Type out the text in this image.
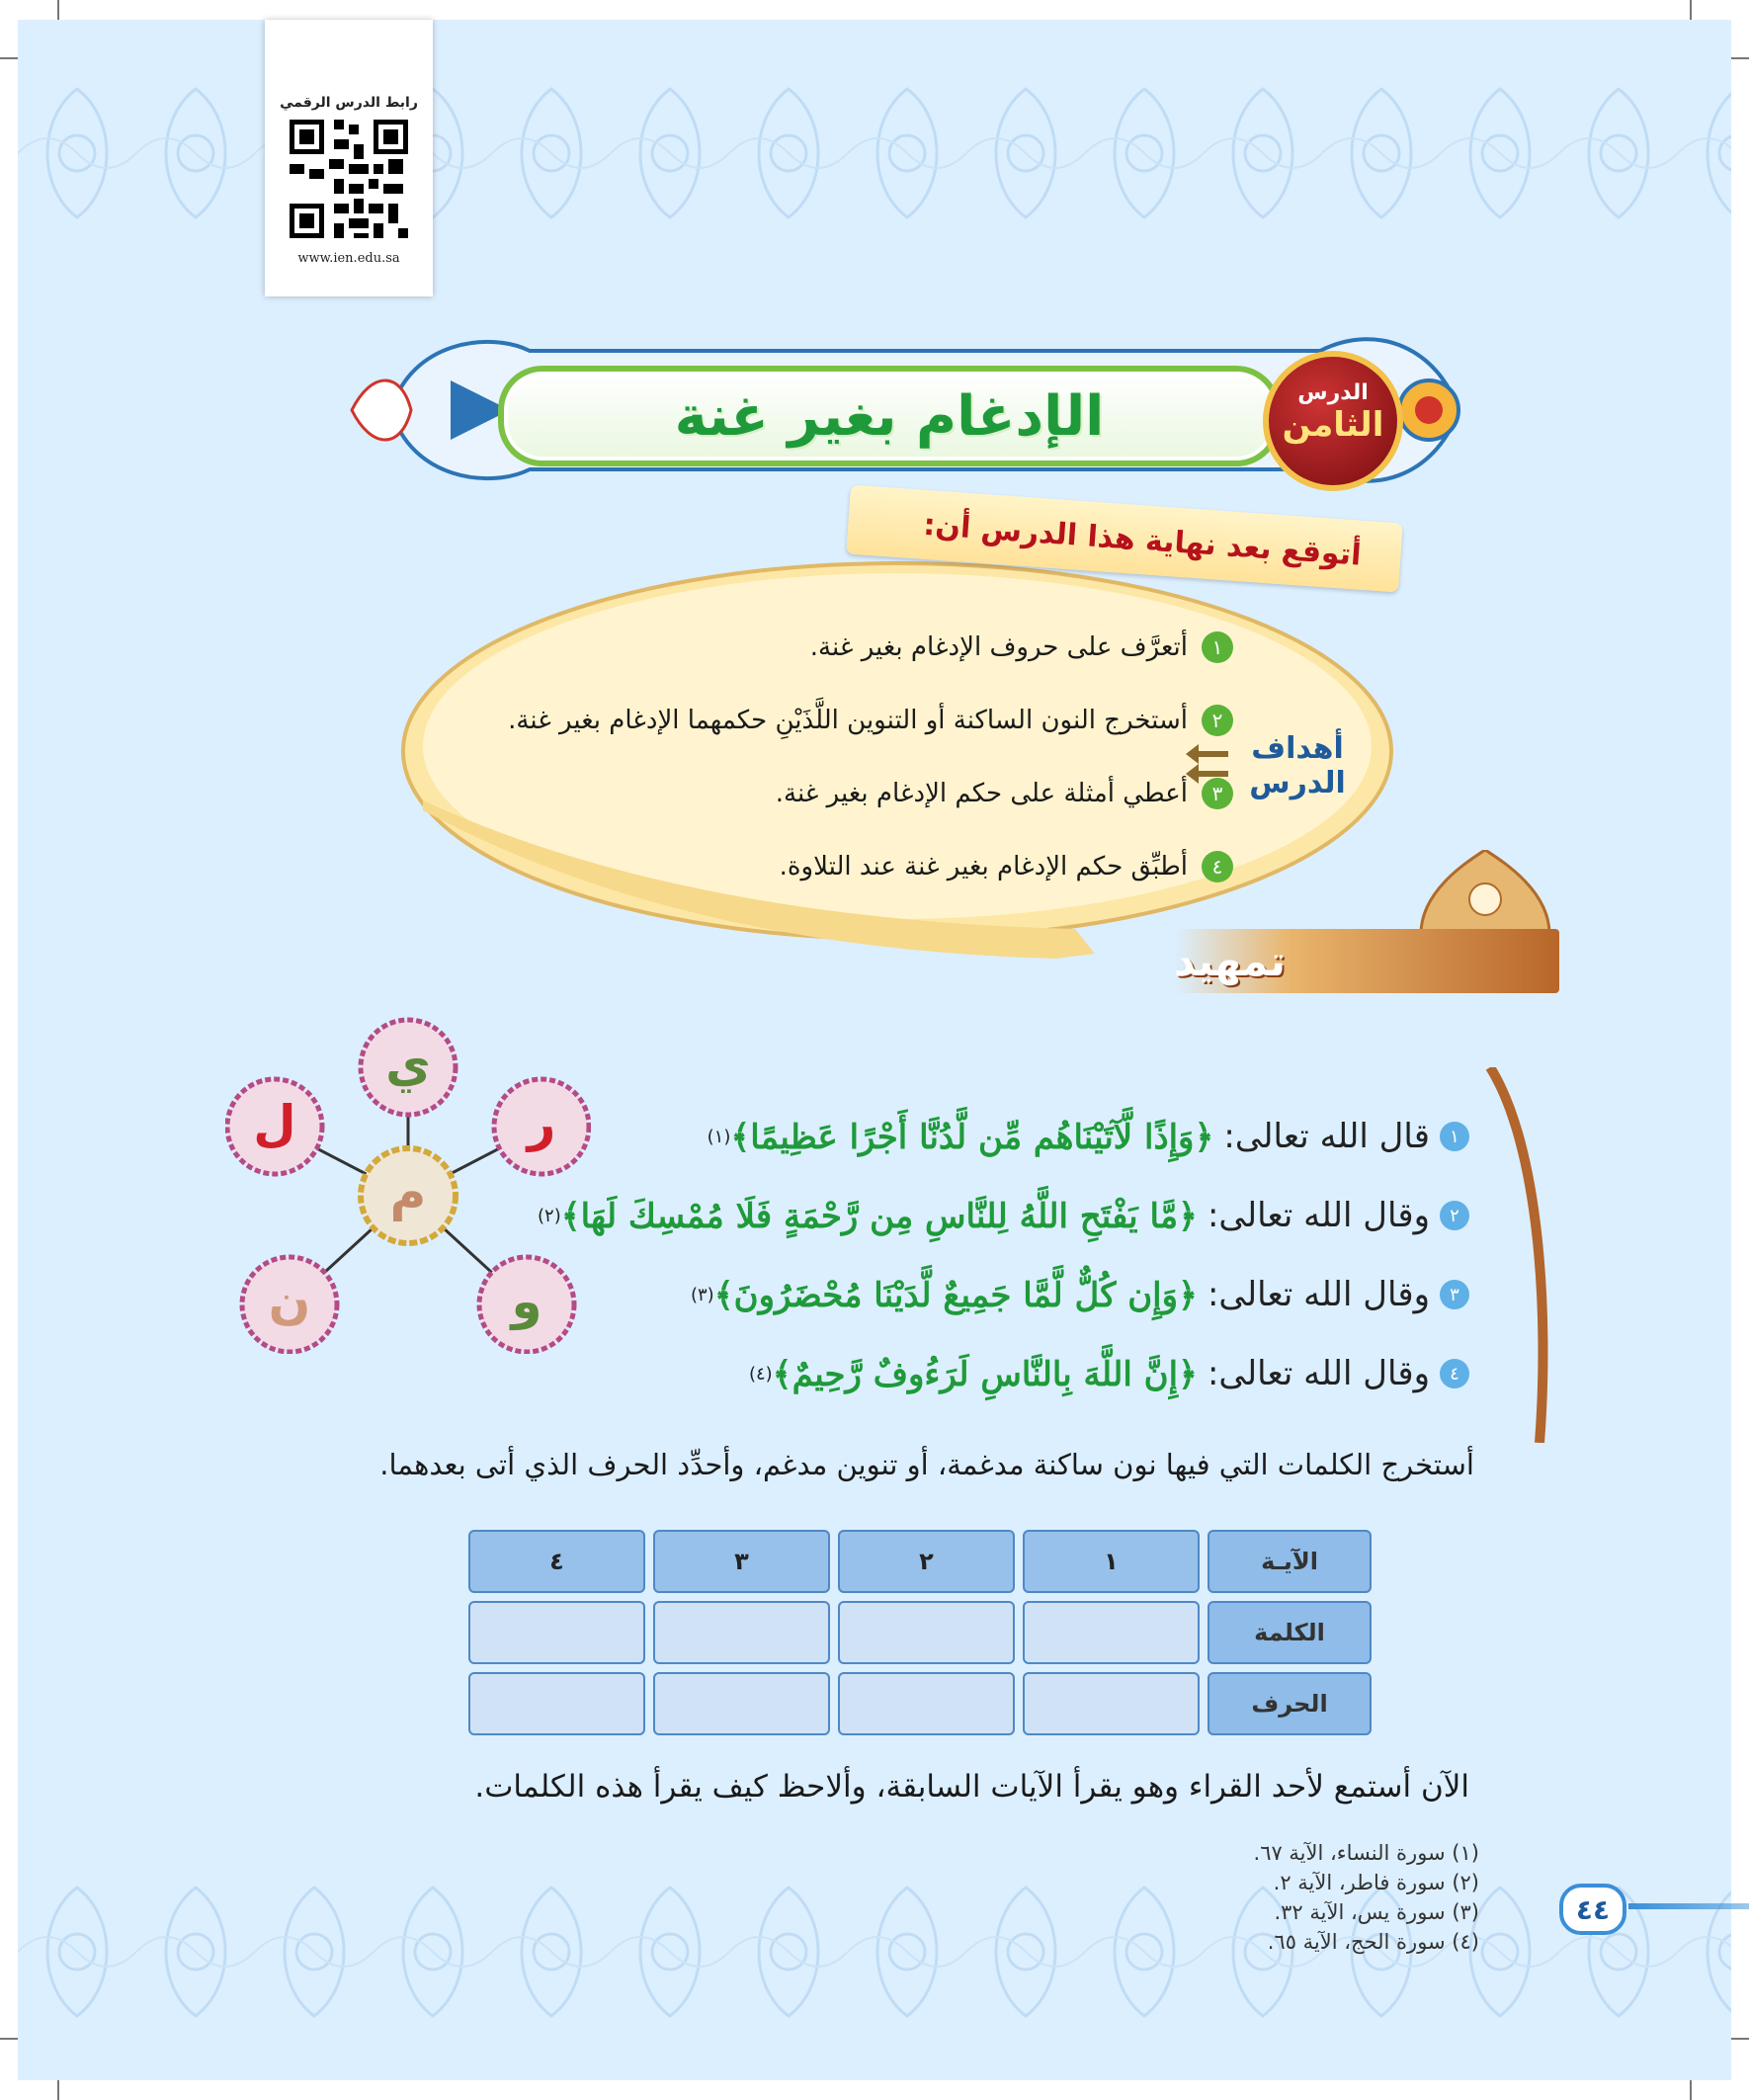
رابط الدرس الرقمي
www.ien.edu.sa
الإدغام بغير غنة	الدرس
الثامن
أتوقع بعد نهاية هذا الدرس أن:
١
أتعرَّف على حروف الإدغام بغير غنة.
٢
أستخرج النون الساكنة أو التنوين اللَّذَيْنِ حكمهما الإدغام بغير غنة.
٣
أعطي أمثلة على حكم الإدغام بغير غنة.
٤
أطبِّق حكم الإدغام بغير غنة عند التلاوة.
أهداف الدرس
تمهيد
ي
ر
ل
و
ن
م
١
قال الله تعالى:
﴿وَإِذًا لَّآتَيْنَاهُم مِّن لَّدُنَّا أَجْرًا عَظِيمًا﴾
(١)
٢
وقال الله تعالى:
﴿مَّا يَفْتَحِ اللَّهُ لِلنَّاسِ مِن رَّحْمَةٍ فَلَا مُمْسِكَ لَهَا﴾
(٢)
٣
وقال الله تعالى:
﴿وَإِن كُلٌّ لَّمَّا جَمِيعٌ لَّدَيْنَا مُحْضَرُونَ﴾
(٣)
٤
وقال الله تعالى:
﴿إِنَّ اللَّهَ بِالنَّاسِ لَرَءُوفٌ رَّحِيمٌ﴾
(٤)
أستخرج الكلمات التي فيها نون ساكنة مدغمة، أو تنوين مدغم، وأحدِّد الحرف الذي أتى بعدهما.
الآيـة	١	٢	٣	٤
الكلمة				
الحرف				
الآن أستمع لأحد القراء وهو يقرأ الآيات السابقة، وألاحظ كيف يقرأ هذه الكلمات.
(١) سورة النساء، الآية ٦٧.
(٢) سورة فاطر، الآية ٢.
(٣) سورة يس، الآية ٣٢.
(٤) سورة الحج، الآية ٦٥.
٤٤
